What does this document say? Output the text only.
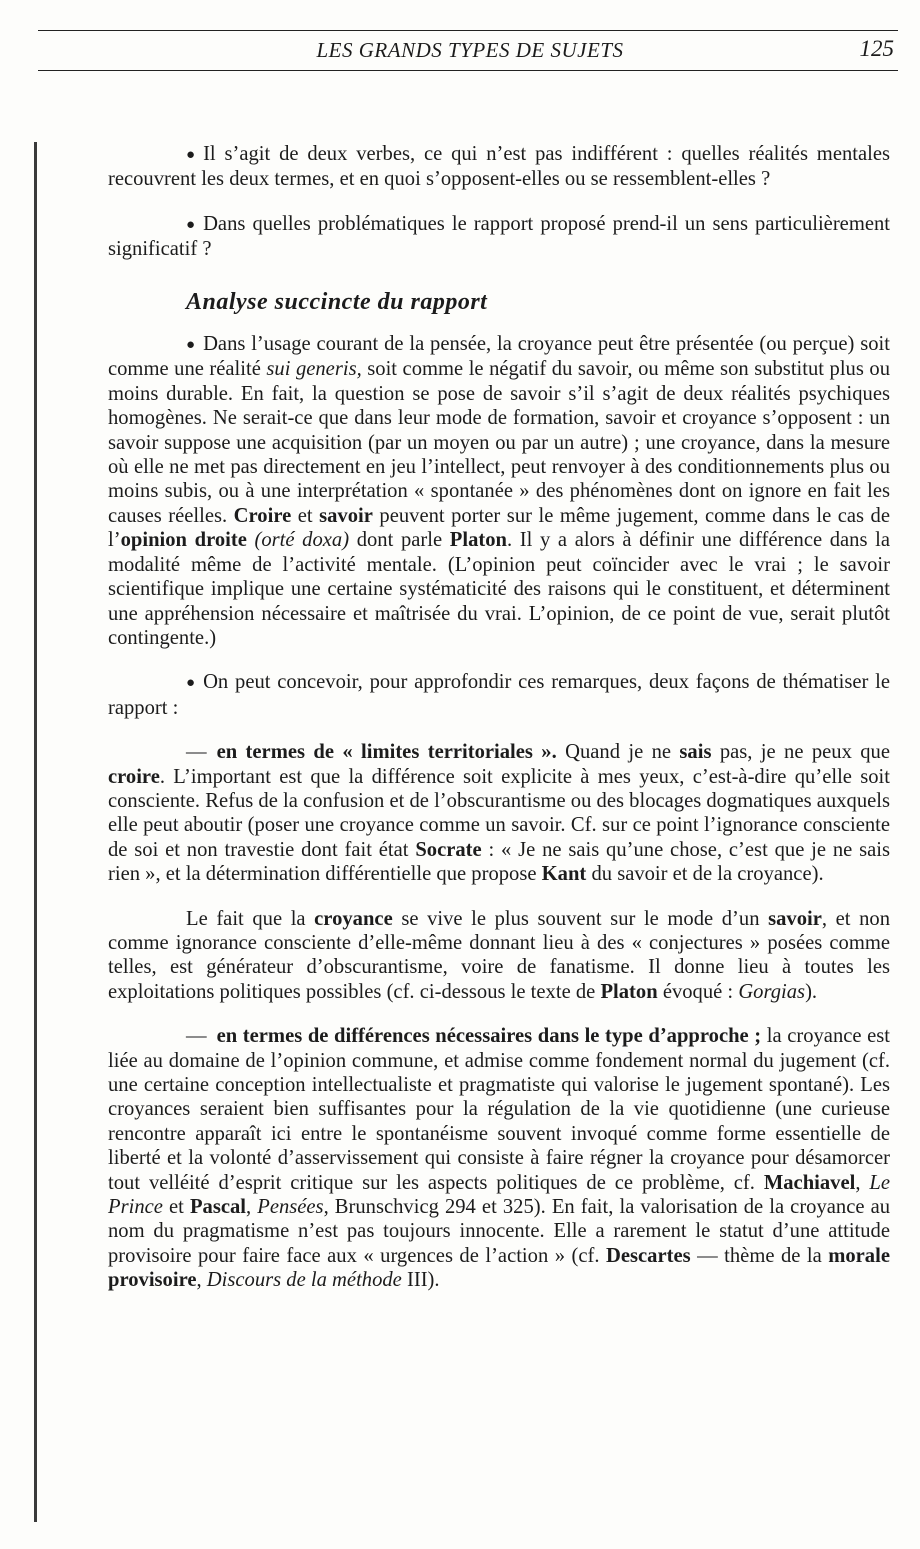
LES GRANDS TYPES DE SUJETS	125

● Il s’agit de deux verbes, ce qui n’est pas indifférent : quelles réalités mentales recouvrent les deux termes, et en quoi s’opposent-elles ou se ressemblent-elles ?

● Dans quelles problématiques le rapport proposé prend-il un sens particulièrement significatif ?

Analyse succincte du rapport

● Dans l’usage courant de la pensée, la croyance peut être présentée (ou perçue) soit comme une réalité sui generis, soit comme le négatif du savoir, ou même son substitut plus ou moins durable. En fait, la question se pose de savoir s’il s’agit de deux réalités psychiques homogènes. Ne serait-ce que dans leur mode de formation, savoir et croyance s’opposent : un savoir suppose une acquisition (par un moyen ou par un autre) ; une croyance, dans la mesure où elle ne met pas directement en jeu l’intellect, peut renvoyer à des conditionnements plus ou moins subis, ou à une interprétation « spontanée » des phénomènes dont on ignore en fait les causes réelles. Croire et savoir peuvent porter sur le même jugement, comme dans le cas de l’opinion droite (orté doxa) dont parle Platon. Il y a alors à définir une différence dans la modalité même de l’activité mentale. (L’opinion peut coïncider avec le vrai ; le savoir scientifique implique une certaine systématicité des raisons qui le constituent, et déterminent une appréhension nécessaire et maîtrisée du vrai. L’opinion, de ce point de vue, serait plutôt contingente.)

● On peut concevoir, pour approfondir ces remarques, deux façons de thématiser le rapport :

— en termes de « limites territoriales ». Quand je ne sais pas, je ne peux que croire. L’important est que la différence soit explicite à mes yeux, c’est-à-dire qu’elle soit consciente. Refus de la confusion et de l’obscurantisme ou des blocages dogmatiques auxquels elle peut aboutir (poser une croyance comme un savoir. Cf. sur ce point l’ignorance consciente de soi et non travestie dont fait état Socrate : « Je ne sais qu’une chose, c’est que je ne sais rien », et la détermination différentielle que propose Kant du savoir et de la croyance).

Le fait que la croyance se vive le plus souvent sur le mode d’un savoir, et non comme ignorance consciente d’elle-même donnant lieu à des « conjectures » posées comme telles, est générateur d’obscurantisme, voire de fanatisme. Il donne lieu à toutes les exploitations politiques possibles (cf. ci-dessous le texte de Platon évoqué : Gorgias).

— en termes de différences nécessaires dans le type d’approche ; la croyance est liée au domaine de l’opinion commune, et admise comme fondement normal du jugement (cf. une certaine conception intellectualiste et pragmatiste qui valorise le jugement spontané). Les croyances seraient bien suffisantes pour la régulation de la vie quotidienne (une curieuse rencontre apparaît ici entre le spontanéisme souvent invoqué comme forme essentielle de liberté et la volonté d’asservissement qui consiste à faire régner la croyance pour désamorcer tout velléité d’esprit critique sur les aspects politiques de ce problème, cf. Machiavel, Le Prince et Pascal, Pensées, Brunschvicg 294 et 325). En fait, la valorisation de la croyance au nom du pragmatisme n’est pas toujours innocente. Elle a rarement le statut d’une attitude provisoire pour faire face aux « urgences de l’action » (cf. Descartes — thème de la morale provisoire, Discours de la méthode III).
